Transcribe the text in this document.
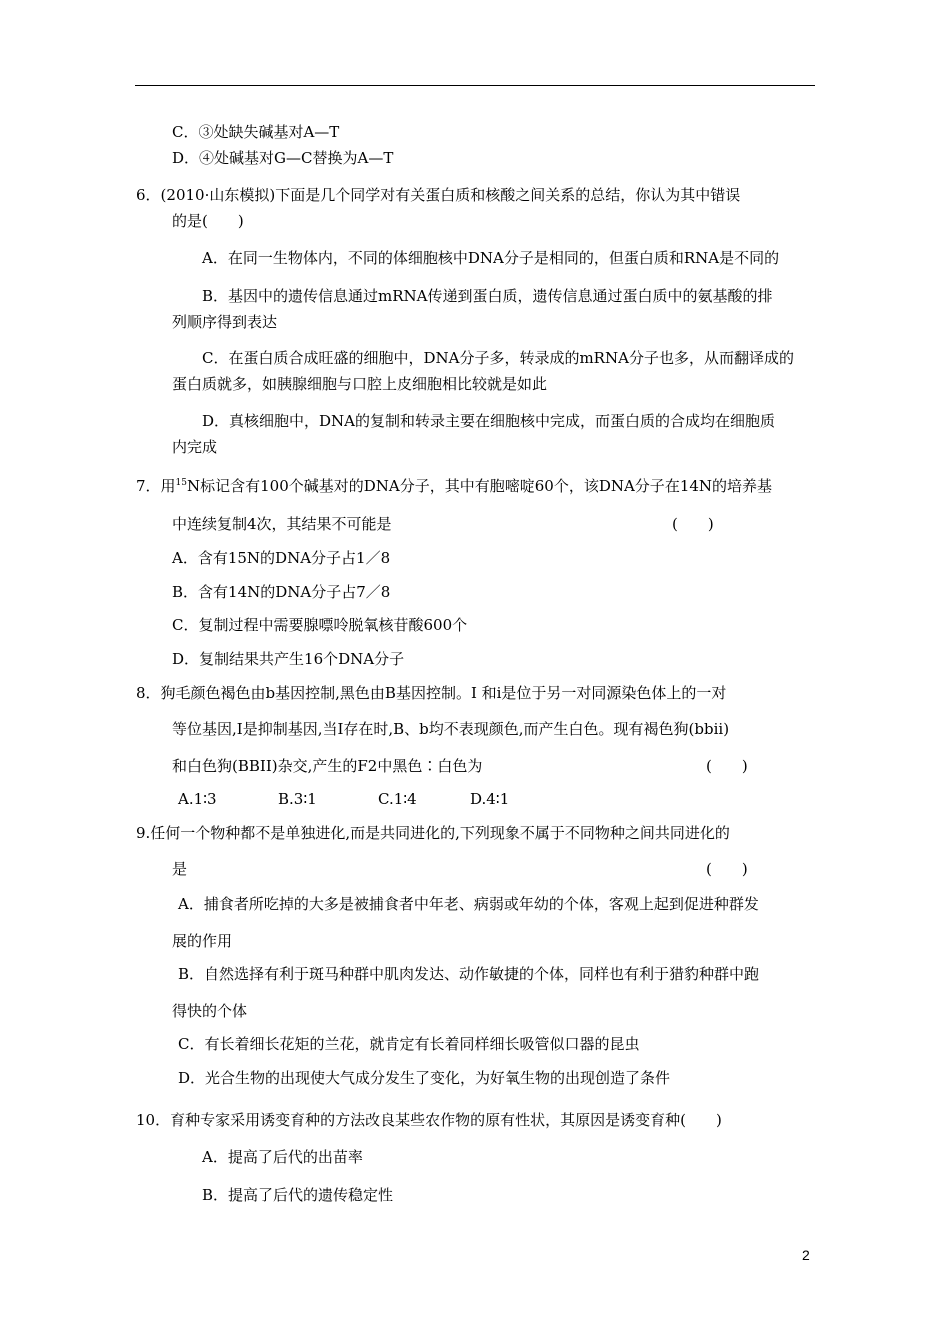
C．③处缺失碱基对A—T
D．④处碱基对G—C替换为A—T
6．(2010·山东模拟)下面是几个同学对有关蛋白质和核酸之间关系的总结，你认为其中错误
的是(　　)
A．在同一生物体内，不同的体细胞核中DNA分子是相同的，但蛋白质和RNA是不同的
B．基因中的遗传信息通过mRNA传递到蛋白质，遗传信息通过蛋白质中的氨基酸的排
列顺序得到表达
C．在蛋白质合成旺盛的细胞中，DNA分子多，转录成的mRNA分子也多，从而翻译成的
蛋白质就多，如胰腺细胞与口腔上皮细胞相比较就是如此
D．真核细胞中，DNA的复制和转录主要在细胞核中完成，而蛋白质的合成均在细胞质
内完成
7．用$^{15}$N标记含有100个碱基对的DNA分子，其中有胞嘧啶60个，该DNA分子在14N的培养基
中连续复制4次，其结果不可能是	(　　)
A．含有15N的DNA分子占1／8
B．含有14N的DNA分子占7／8
C．复制过程中需要腺嘌呤脱氧核苷酸600个
D．复制结果共产生16个DNA分子
8．狗毛颜色褐色由b基因控制,黑色由B基因控制。I 和i是位于另一对同源染色体上的一对
等位基因,I是抑制基因,当I存在时,B、b均不表现颜色,而产生白色。现有褐色狗(bbii)
和白色狗(BBII)杂交,产生的F2中黑色∶白色为	(　　)
A.1∶3	B.3∶1	C.1∶4	D.4∶1
9.任何一个物种都不是单独进化,而是共同进化的,下列现象不属于不同物种之间共同进化的
是	(　　)
A．捕食者所吃掉的大多是被捕食者中年老、病弱或年幼的个体，客观上起到促进种群发
展的作用
B．自然选择有利于斑马种群中肌肉发达、动作敏捷的个体，同样也有利于猎豹种群中跑
得快的个体
C．有长着细长花矩的兰花，就肯定有长着同样细长吸管似口器的昆虫
D．光合生物的出现使大气成分发生了变化，为好氧生物的出现创造了条件
10．育种专家采用诱变育种的方法改良某些农作物的原有性状，其原因是诱变育种(　　)
A．提高了后代的出苗率
B．提高了后代的遗传稳定性
2
